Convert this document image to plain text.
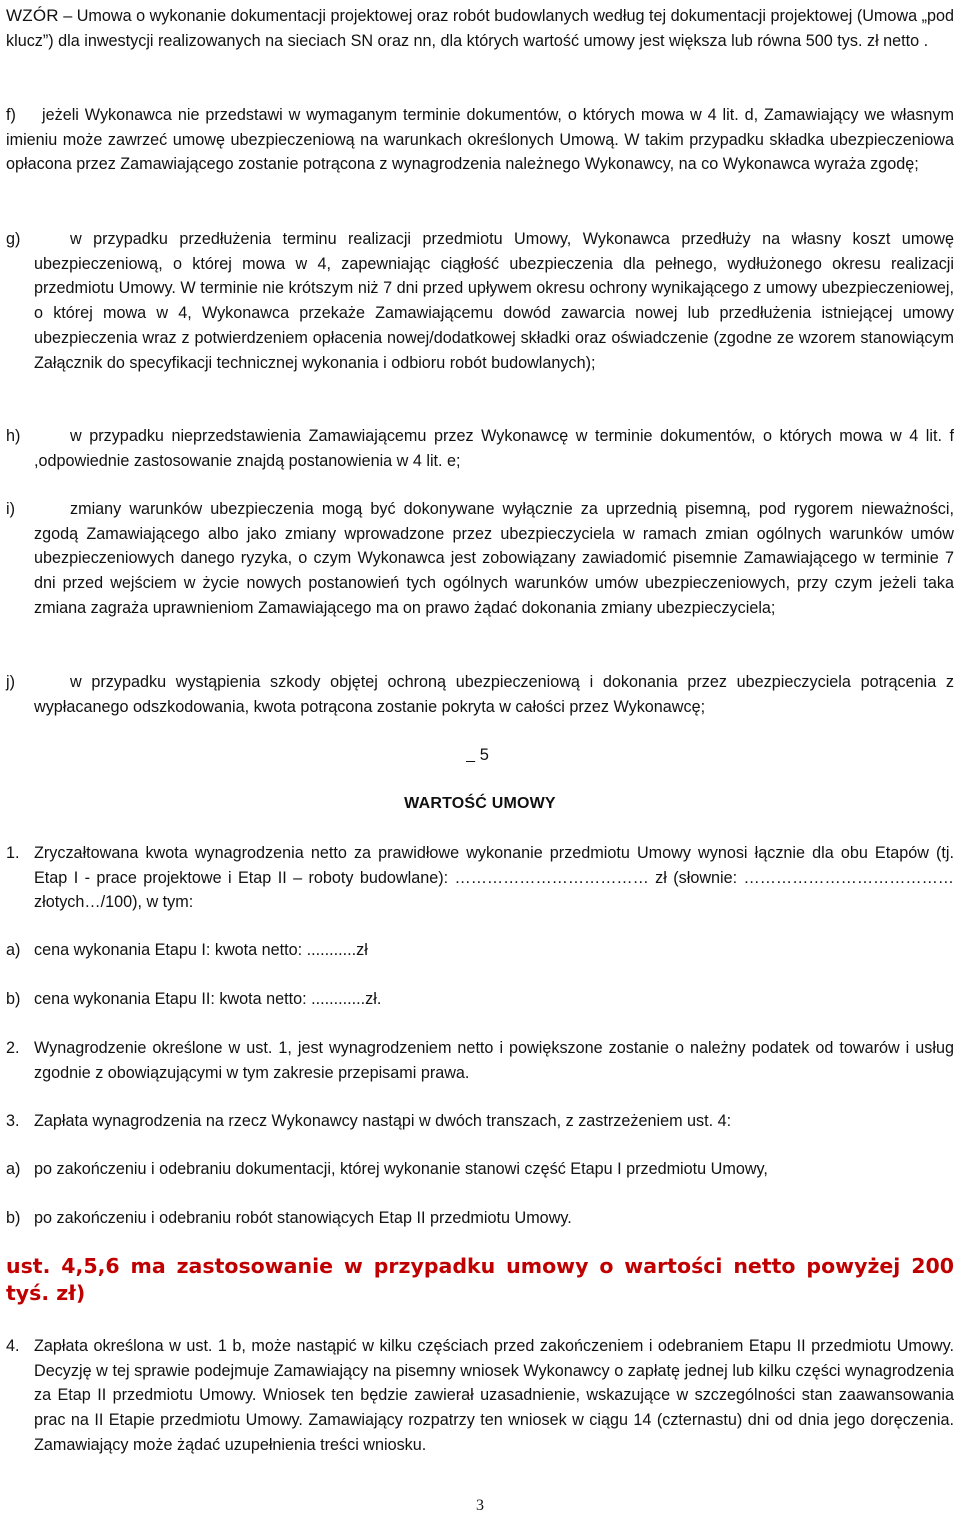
WZÓR – Umowa o wykonanie dokumentacji projektowej oraz robót budowlanych według tej dokumentacji projektowej (Umowa „pod klucz”) dla inwestycji realizowanych na sieciach SN oraz nn, dla których wartość umowy jest większa lub równa 500 tys. zł netto .
f)	jeżeli Wykonawca nie przedstawi w wymaganym terminie dokumentów, o których mowa w 4 lit. d, Zamawiający we własnym imieniu może zawrzeć umowę ubezpieczeniową na warunkach określonych Umową. W takim przypadku składka ubezpieczeniowa opłacona przez Zamawiającego zostanie potrącona z wynagrodzenia należnego Wykonawcy, na co Wykonawca wyraża zgodę;
g)	w przypadku przedłużenia terminu realizacji przedmiotu Umowy, Wykonawca przedłuży na własny koszt umowę ubezpieczeniową, o której mowa w 4, zapewniając ciągłość ubezpieczenia dla pełnego, wydłużonego okresu realizacji przedmiotu Umowy. W terminie nie krótszym niż 7 dni przed upływem okresu ochrony wynikającego z umowy ubezpieczeniowej, o której mowa w 4, Wykonawca przekaże Zamawiającemu dowód zawarcia nowej lub przedłużenia istniejącej umowy ubezpieczenia wraz z potwierdzeniem opłacenia nowej/dodatkowej składki oraz oświadczenie (zgodne ze wzorem stanowiącym Załącznik do specyfikacji technicznej wykonania i odbioru robót budowlanych);
h)	w przypadku nieprzedstawienia Zamawiającemu przez Wykonawcę w terminie dokumentów, o których mowa w 4 lit. f ,odpowiednie zastosowanie znajdą postanowienia w 4 lit. e;
i)	zmiany warunków ubezpieczenia mogą być dokonywane wyłącznie za uprzednią pisemną, pod rygorem nieważności, zgodą Zamawiającego albo jako zmiany wprowadzone przez ubezpieczyciela w ramach zmian ogólnych warunków umów ubezpieczeniowych danego ryzyka, o czym Wykonawca jest zobowiązany zawiadomić pisemnie Zamawiającego w terminie 7 dni przed wejściem w życie nowych postanowień tych ogólnych warunków umów ubezpieczeniowych, przy czym jeżeli taka zmiana zagraża uprawnieniom Zamawiającego ma on prawo żądać dokonania zmiany ubezpieczyciela;
j)	w przypadku wystąpienia szkody objętej ochroną ubezpieczeniową i dokonania przez ubezpieczyciela potrącenia z wypłacanego odszkodowania, kwota potrącona zostanie pokryta w całości przez Wykonawcę;
5
WARTOŚĆ UMOWY
1. Zryczałtowana kwota wynagrodzenia netto za prawidłowe wykonanie przedmiotu Umowy wynosi łącznie dla obu Etapów (tj. Etap I - prace projektowe i Etap II – roboty budowlane): ……………………………… zł (słownie: ………………………………… złotych…/100), w tym:
a) cena wykonania Etapu I: kwota netto: ...........zł
b) cena wykonania Etapu II: kwota netto: ............zł.
2. Wynagrodzenie określone w ust. 1, jest wynagrodzeniem netto i powiększone zostanie o należny podatek od towarów i usług zgodnie z obowiązującymi w tym zakresie przepisami prawa.
3. Zapłata wynagrodzenia na rzecz Wykonawcy nastąpi w dwóch transzach, z zastrzeżeniem ust. 4:
a) po zakończeniu i odebraniu dokumentacji, której wykonanie stanowi część Etapu I przedmiotu Umowy,
b) po zakończeniu i odebraniu robót stanowiących Etap II przedmiotu Umowy.
ust. 4,5,6 ma zastosowanie w przypadku umowy o wartości netto powyżej 200 tyś. zł)
4. Zapłata określona w ust. 1 b, może nastąpić w kilku częściach przed zakończeniem i odebraniem Etapu II przedmiotu Umowy. Decyzję w tej sprawie podejmuje Zamawiający na pisemny wniosek Wykonawcy o zapłatę jednej lub kilku części wynagrodzenia za Etap II przedmiotu Umowy. Wniosek ten będzie zawierał uzasadnienie, wskazujące w szczególności stan zaawansowania prac na II Etapie przedmiotu Umowy. Zamawiający rozpatrzy ten wniosek w ciągu 14 (czternastu) dni od dnia jego doręczenia. Zamawiający może żądać uzupełnienia treści wniosku.
3
